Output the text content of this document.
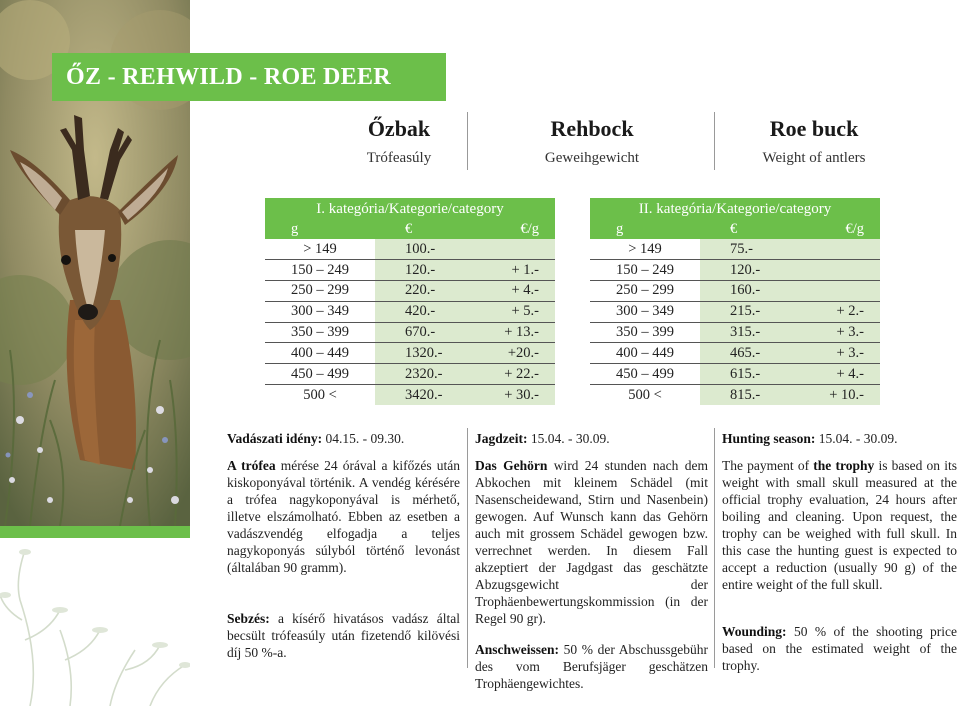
ŐZ - REHWILD - ROE DEER
Őzbak
Trófeasúly
Rehbock
Geweihgewicht
Roe buck
Weight of antlers
I. kategória/Kategorie/category		
g	€	€/g
> 149	100.-	
150 – 249	120.-	+ 1.-
250 – 299	220.-	+ 4.-
300 – 349	420.-	+ 5.-
350 – 399	670.-	+ 13.-
400 – 449	1320.-	+20.-
450 – 499	2320.-	+ 22.-
500 <	3420.-	+ 30.-
II. kategória/Kategorie/category		
g	€	€/g
> 149	75.-	
150 – 249	120.-	
250 – 299	160.-	
300 – 349	215.-	+ 2.-
350 – 399	315.-	+ 3.-
400 – 449	465.-	+ 3.-
450 – 499	615.-	+ 4.-
500 <	815.-	+ 10.-
Vadászati idény: 04.15. - 09.30.
A trófea mérése 24 órával a kifőzés után kiskoponyával történik. A vendég kérésére a trófea nagykoponyával is mérhető, illetve elszámolható. Ebben az esetben a vadászvendég elfogadja a teljes nagykoponyás súlyból történő levonást (általában 90 gramm).
Sebzés: a kísérő hivatásos vadász által becsült trófeasúly után fizetendő kilövési díj 50 %-a.
Jagdzeit: 15.04. - 30.09.
Das Gehörn wird 24 stunden nach dem Abkochen mit kleinem Schädel (mit Nasenscheidewand, Stirn und Nasenbein) gewogen. Auf Wunsch kann das Gehörn auch mit grossem Schädel gewogen bzw. verrechnet werden. In diesem Fall akzeptiert der Jagdgast das geschätzte Abzugsgewicht der Trophäenbewertungskommission (in der Regel 90 gr).
Anschweissen: 50 % der Abschussgebühr des vom Berufsjäger geschätzen Trophäengewichtes.
Hunting season: 15.04. - 30.09.
The payment of the trophy is based on its weight with small skull measured at the official trophy evaluation, 24 hours after boiling and cleaning. Upon request, the trophy can be weighed with full skull. In this case the hunting guest is expected to accept a reduction (usually 90 g) of the entire weight of the full skull.
Wounding: 50 % of the shooting price based on the estimated weight of the trophy.
